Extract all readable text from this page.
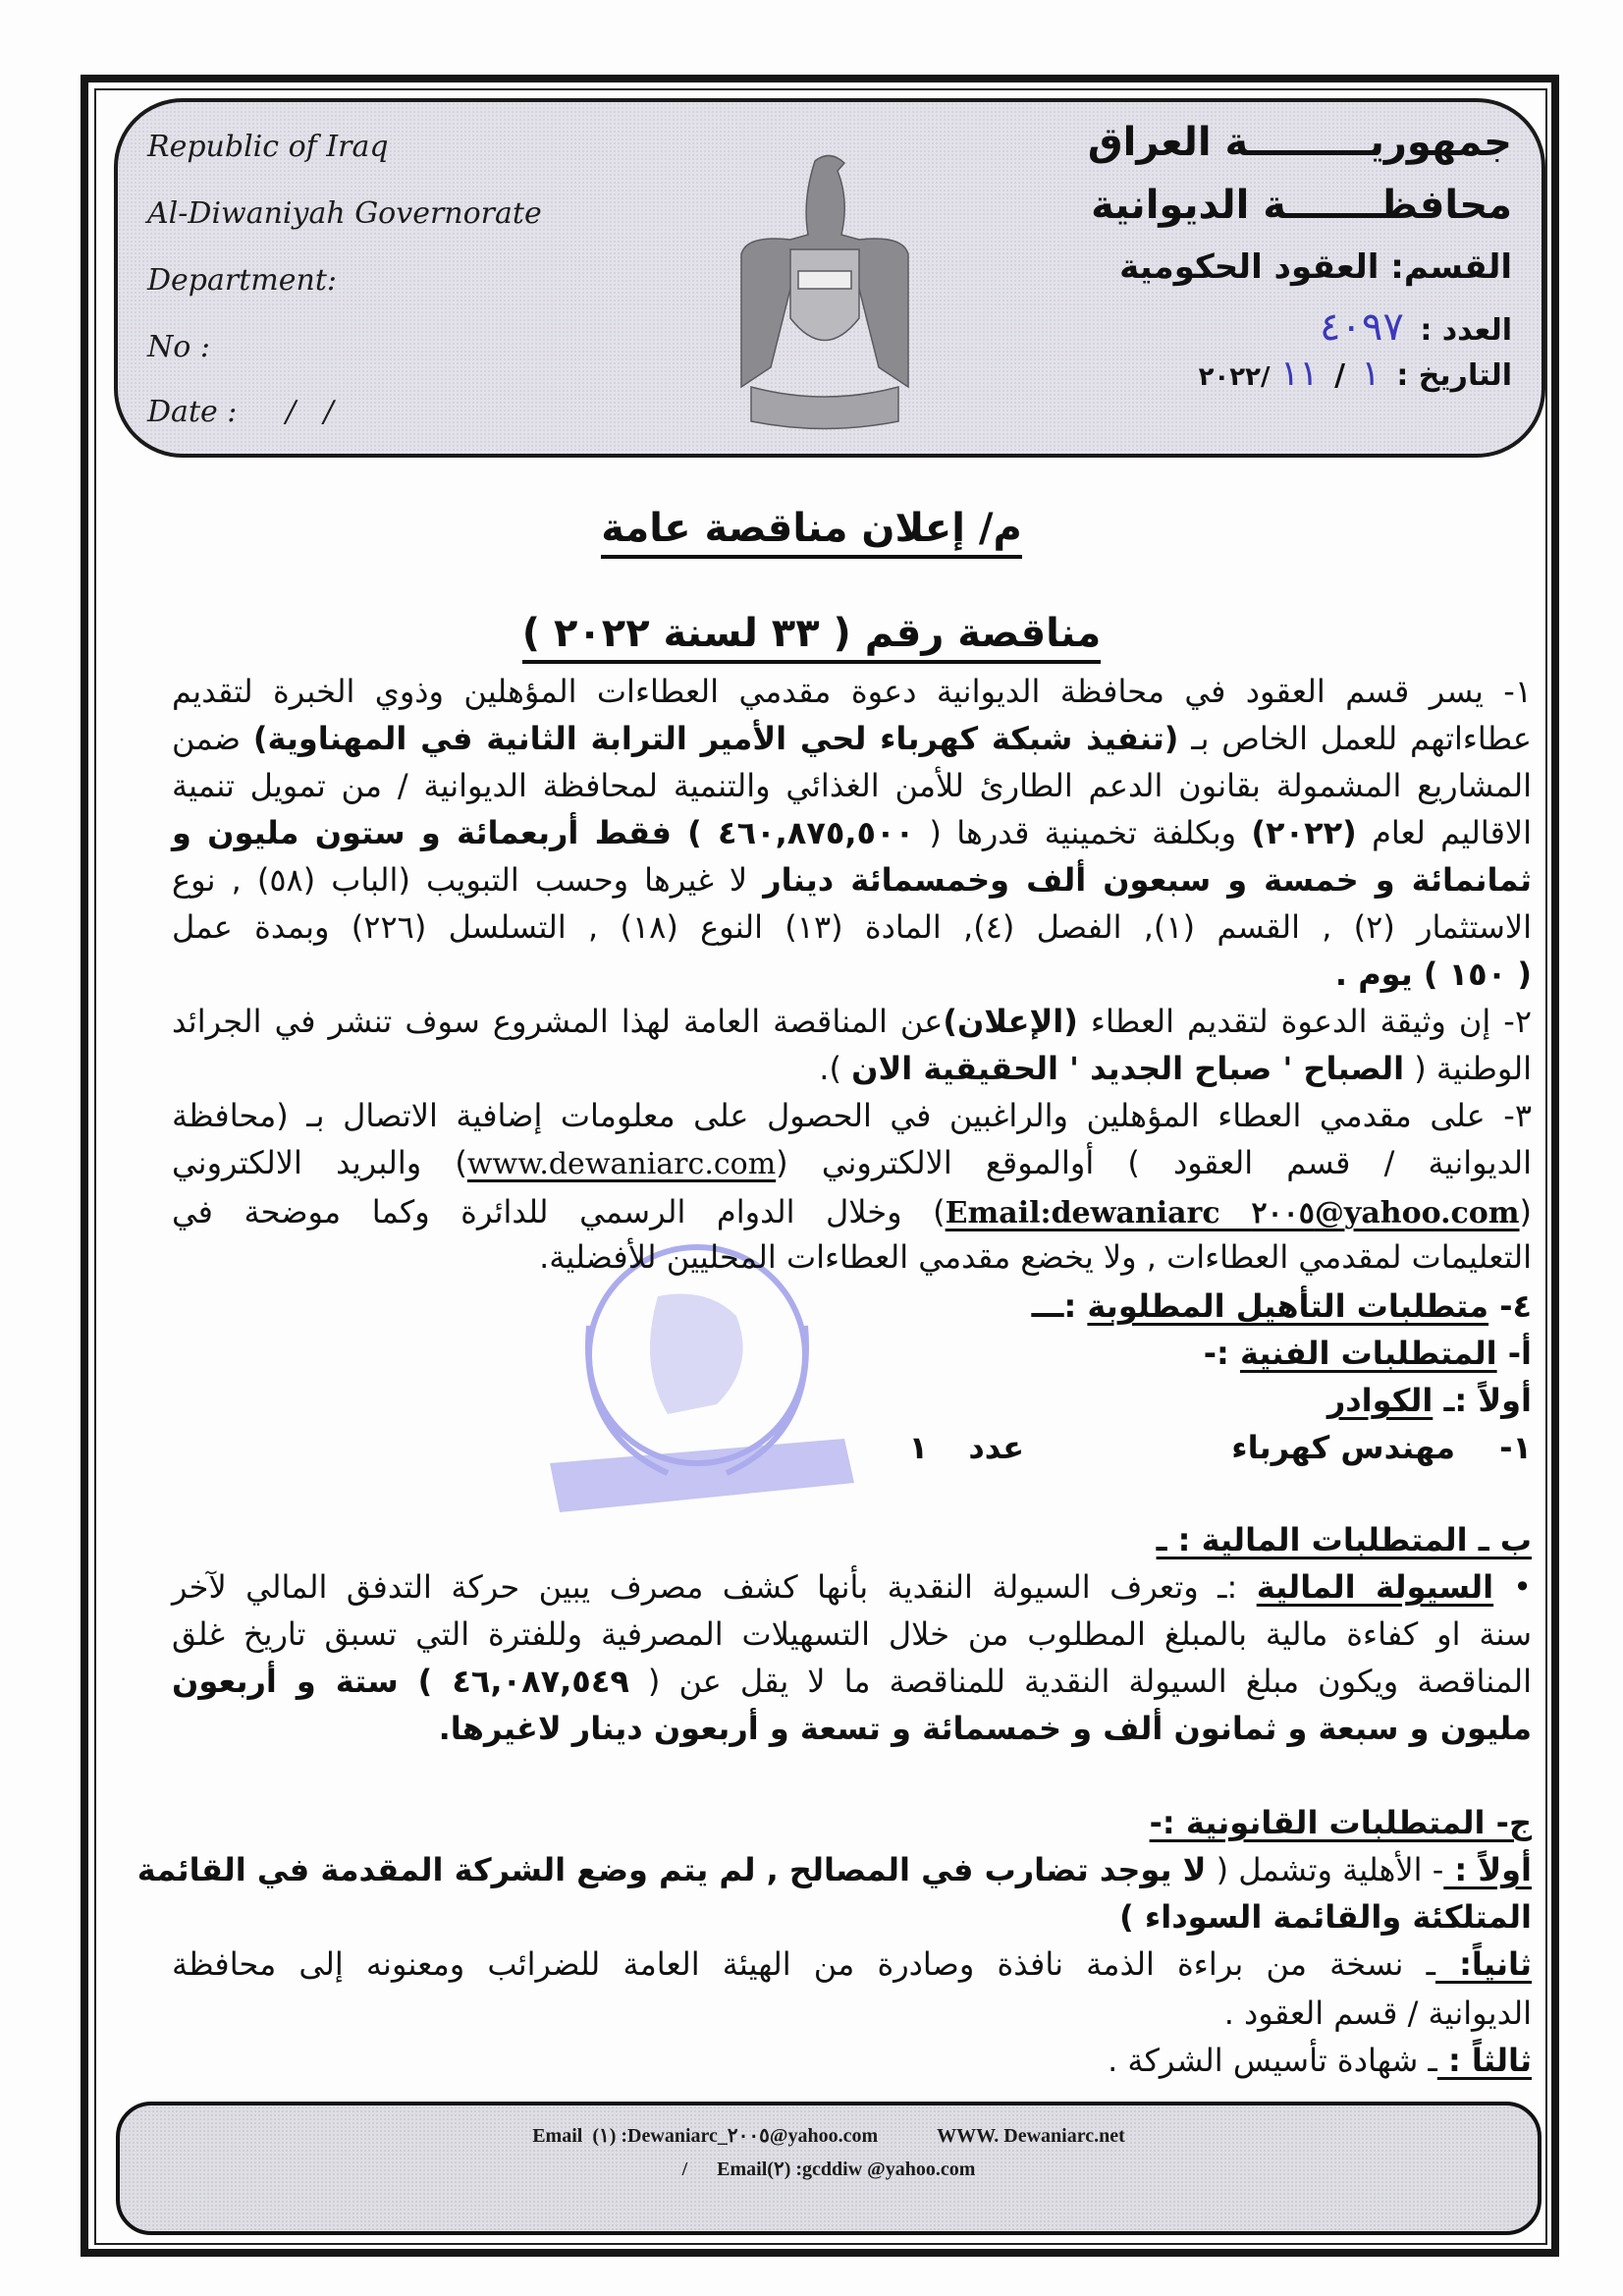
Republic of Iraq
Al-Diwaniyah Governorate
Department:
No :
Date : /   /
جمهوريـــــــــة العراق
محافظـــــــة الديوانية
القسم: العقود الحكومية
العدد : ٤٠٩٧
التاريخ : ١ / ١١ /٢٠٢٢
م/ إعلان مناقصة عامة
مناقصة رقم ( ٣٣ لسنة ٢٠٢٢ )
١- يسر قسم العقود في محافظة الديوانية دعوة مقدمي العطاءات المؤهلين وذوي الخبرة لتقديم
عطاءاتهم للعمل الخاص بـ (تنفيذ شبكة كهرباء لحي الأمير الترابة الثانية في المهناوية) ضمن
المشاريع المشمولة بقانون الدعم الطارئ للأمن الغذائي والتنمية لمحافظة الديوانية / من تمويل تنمية
الاقاليم لعام (٢٠٢٢) وبكلفة تخمينية قدرها ( ٤٦٠,٨٧٥,٥٠٠ ) فقط أربعمائة و ستون مليون و
ثمانمائة و خمسة و سبعون ألف وخمسمائة دينار لا غيرها وحسب التبويب (الباب (٥٨) , نوع
الاستثمار (٢) , القسم (١), الفصل (٤), المادة (١٣) النوع (١٨) , التسلسل (٢٢٦) وبمدة عمل
( ١٥٠ ) يوم .
٢- إن وثيقة الدعوة لتقديم العطاء (الإعلان)عن المناقصة العامة لهذا المشروع سوف تنشر في الجرائد
الوطنية ( الصباح ' صباح الجديد ' الحقيقية الان ).
٣- على مقدمي العطاء المؤهلين والراغبين في الحصول على معلومات إضافية الاتصال بـ (محافظة
الديوانية / قسم العقود ) أوالموقع الالكتروني (www.dewaniarc.com) والبريد الالكتروني
(Email:dewaniarc ٢٠٠٥@yahoo.com) وخلال الدوام الرسمي للدائرة وكما موضحة في
التعليمات لمقدمي العطاءات , ولا يخضع مقدمي العطاءات المحليين للأفضلية.
٤- متطلبات التأهيل المطلوبة :ـــ
أ- المتطلبات الفنية :-
أولاً :ـ الكوادر
١- مهندس كهرباء عدد ١
ب ـ المتطلبات المالية : ـ
•السيولة المالية :ـ وتعرف السيولة النقدية بأنها كشف مصرف يبين حركة التدفق المالي لآخر
سنة او كفاءة مالية بالمبلغ المطلوب من خلال التسهيلات المصرفية وللفترة التي تسبق تاريخ غلق
المناقصة ويكون مبلغ السيولة النقدية للمناقصة ما لا يقل عن ( ٤٦,٠٨٧,٥٤٩ ) ستة و أربعون
مليون و سبعة و ثمانون ألف و خمسمائة و تسعة و أربعون دينار لاغيرها.
ج- المتطلبات القانونية :-
أولاً : - الأهلية وتشمل ( لا يوجد تضارب في المصالح , لم يتم وضع الشركة المقدمة في القائمة
المتلكئة والقائمة السوداء )
ثانياً: ـ نسخة من براءة الذمة نافذة وصادرة من الهيئة العامة للضرائب ومعنونه إلى محافظة
الديوانية / قسم العقود .
ثالثاً : ـ شهادة تأسيس الشركة .
Email  (١) :Dewaniarc_٢٠٠٥@yahoo.com	WWW. Dewaniarc.net
/ Email(٢) :gcddiw @yahoo.com
